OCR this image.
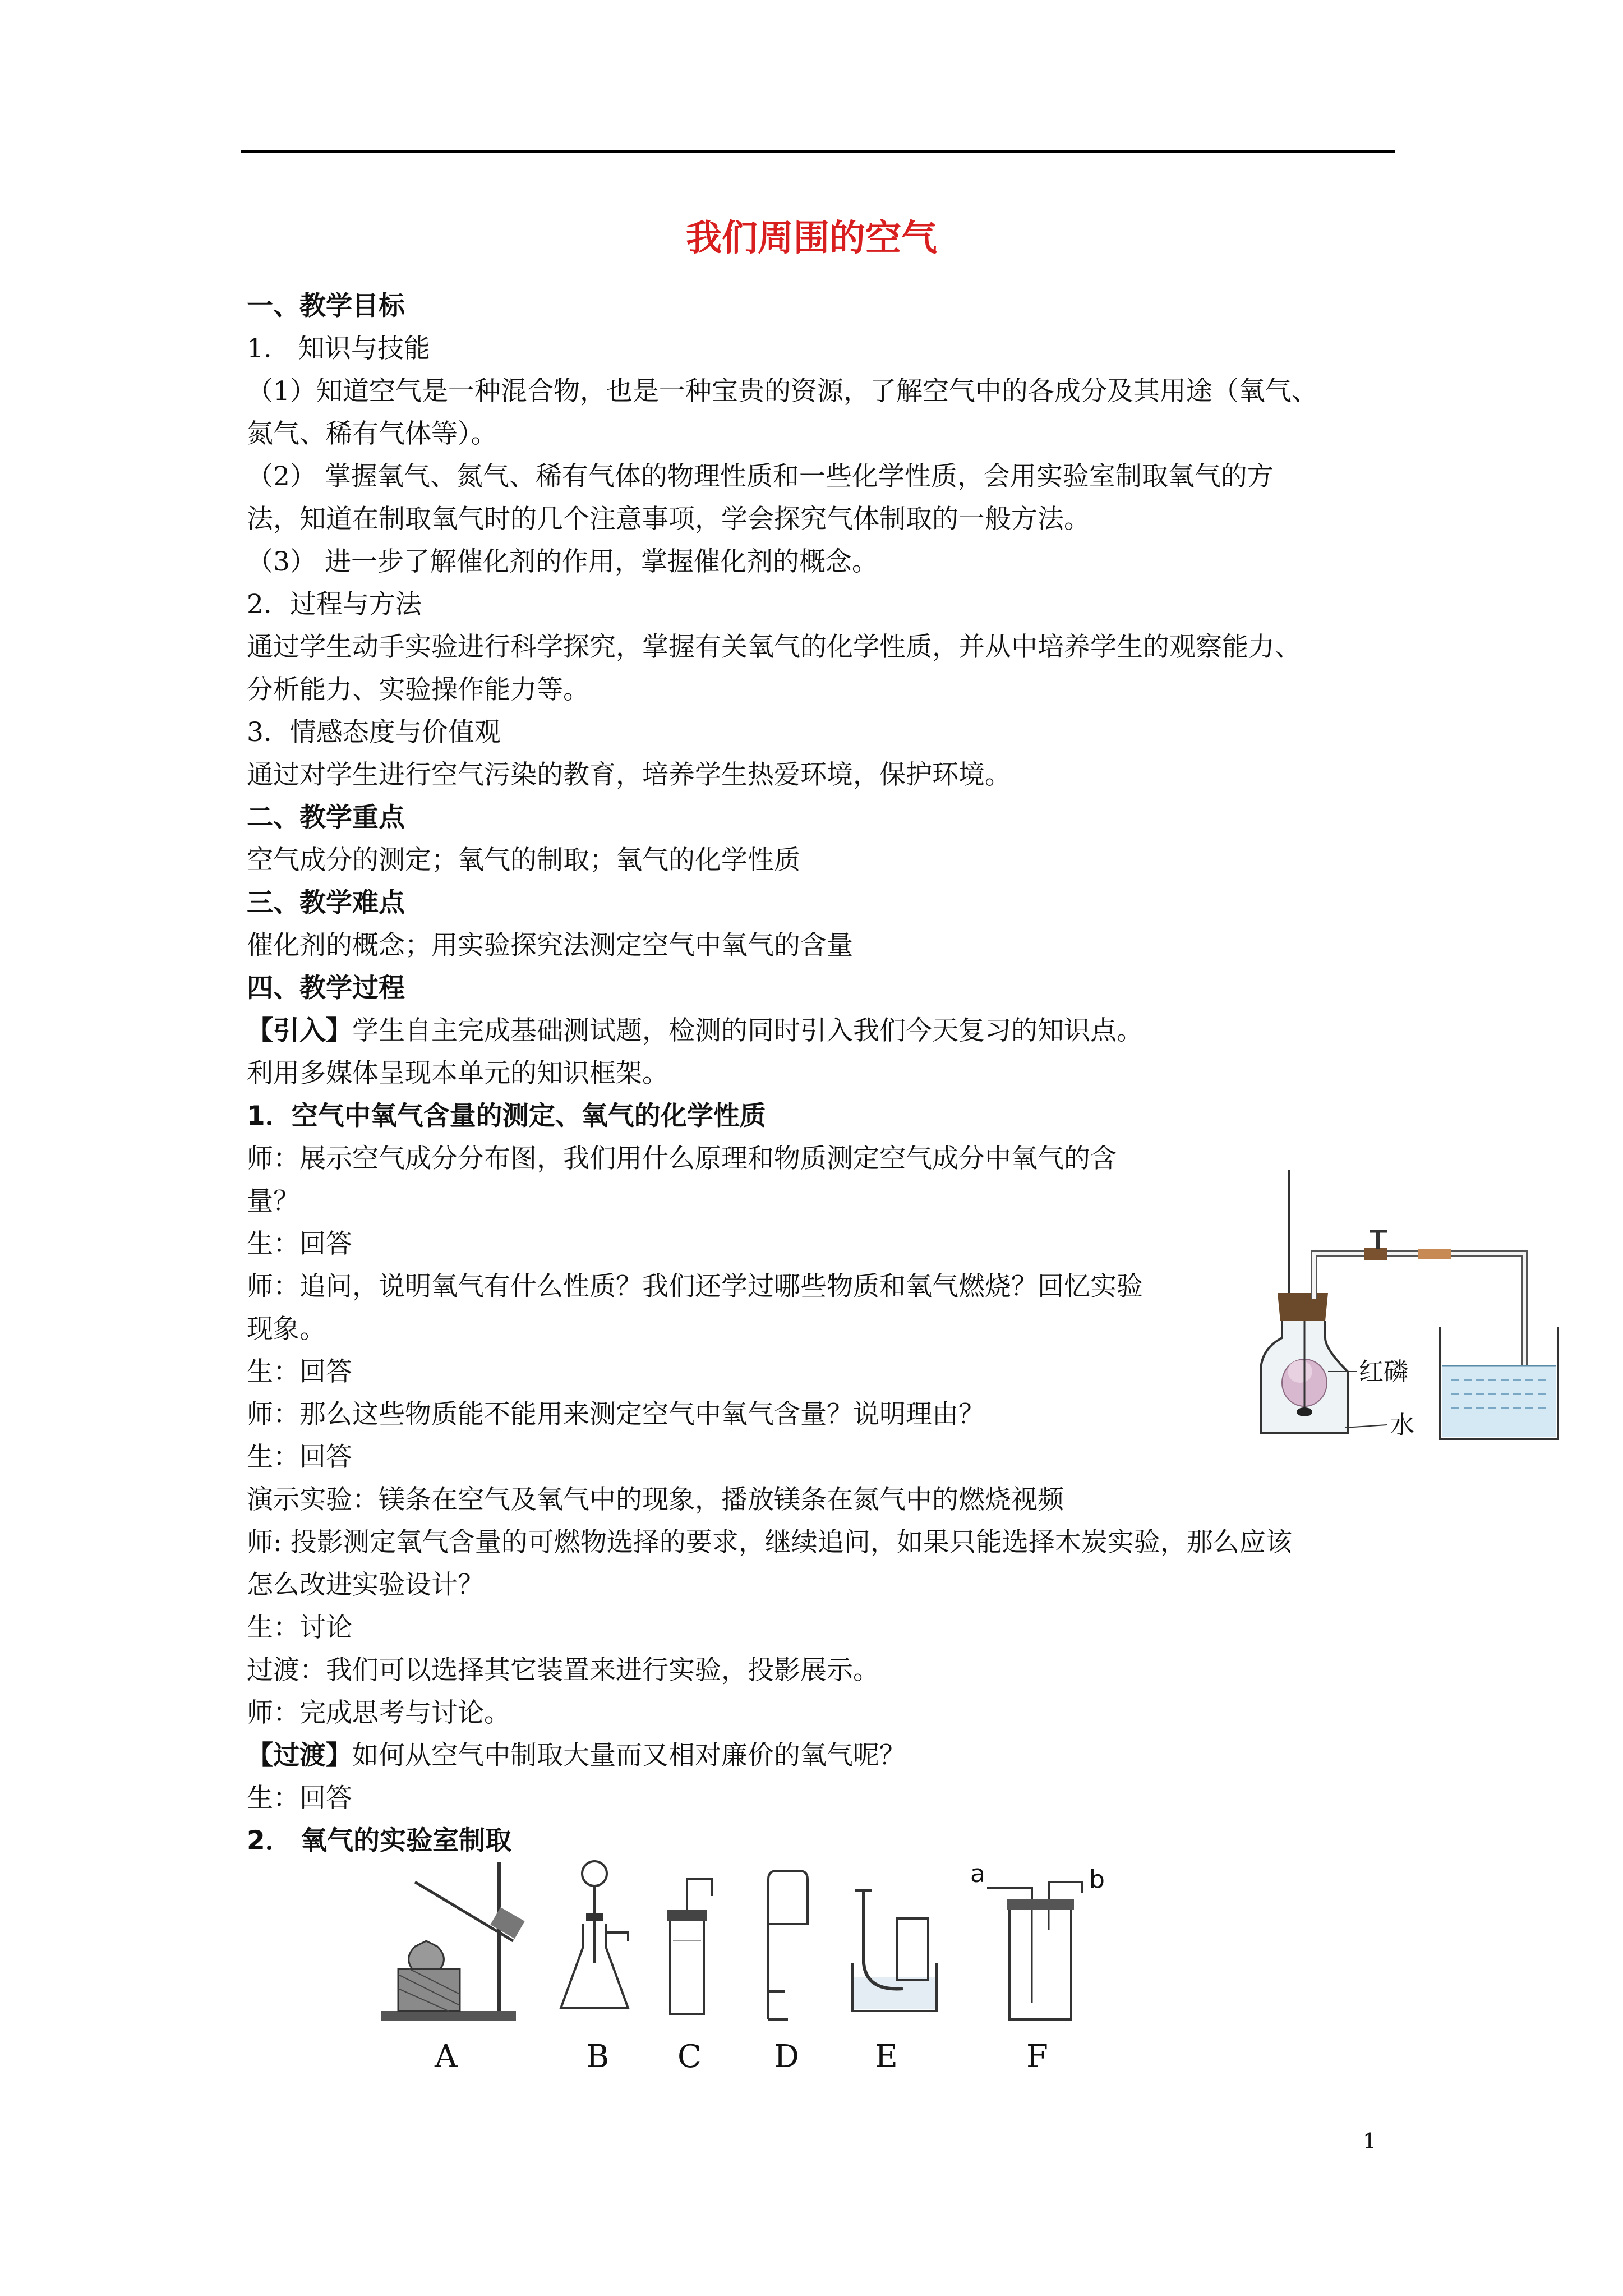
我们周围的空气
一、教学目标
1． 知识与技能
（1）知道空气是一种混合物，也是一种宝贵的资源，了解空气中的各成分及其用途（氧气、
氮气、稀有气体等）。
（2） 掌握氧气、氮气、稀有气体的物理性质和一些化学性质，会用实验室制取氧气的方
法，知道在制取氧气时的几个注意事项，学会探究气体制取的一般方法。
（3） 进一步了解催化剂的作用，掌握催化剂的概念。
2．过程与方法
通过学生动手实验进行科学探究，掌握有关氧气的化学性质，并从中培养学生的观察能力、
分析能力、实验操作能力等。
3．情感态度与价值观
通过对学生进行空气污染的教育，培养学生热爱环境，保护环境。
二、教学重点
空气成分的测定；氧气的制取；氧气的化学性质
三、教学难点
催化剂的概念；用实验探究法测定空气中氧气的含量
四、教学过程
【引入】学生自主完成基础测试题，检测的同时引入我们今天复习的知识点。
利用多媒体呈现本单元的知识框架。
1．空气中氧气含量的测定、氧气的化学性质
师：展示空气成分分布图，我们用什么原理和物质测定空气成分中氧气的含
量？
生：回答
师：追问，说明氧气有什么性质？我们还学过哪些物质和氧气燃烧？回忆实验
现象。
生：回答
师：那么这些物质能不能用来测定空气中氧气含量？说明理由？
生：回答
演示实验：镁条在空气及氧气中的现象，播放镁条在氮气中的燃烧视频
师: 投影测定氧气含量的可燃物选择的要求，继续追问，如果只能选择木炭实验，那么应该
怎么改进实验设计？
生：讨论
过渡：我们可以选择其它装置来进行实验，投影展示。
师：完成思考与讨论。
【过渡】如何从空气中制取大量而又相对廉价的氧气呢？
生：回答
2． 氧气的实验室制取
红磷
水
a	b
A	B C D E	F
1
